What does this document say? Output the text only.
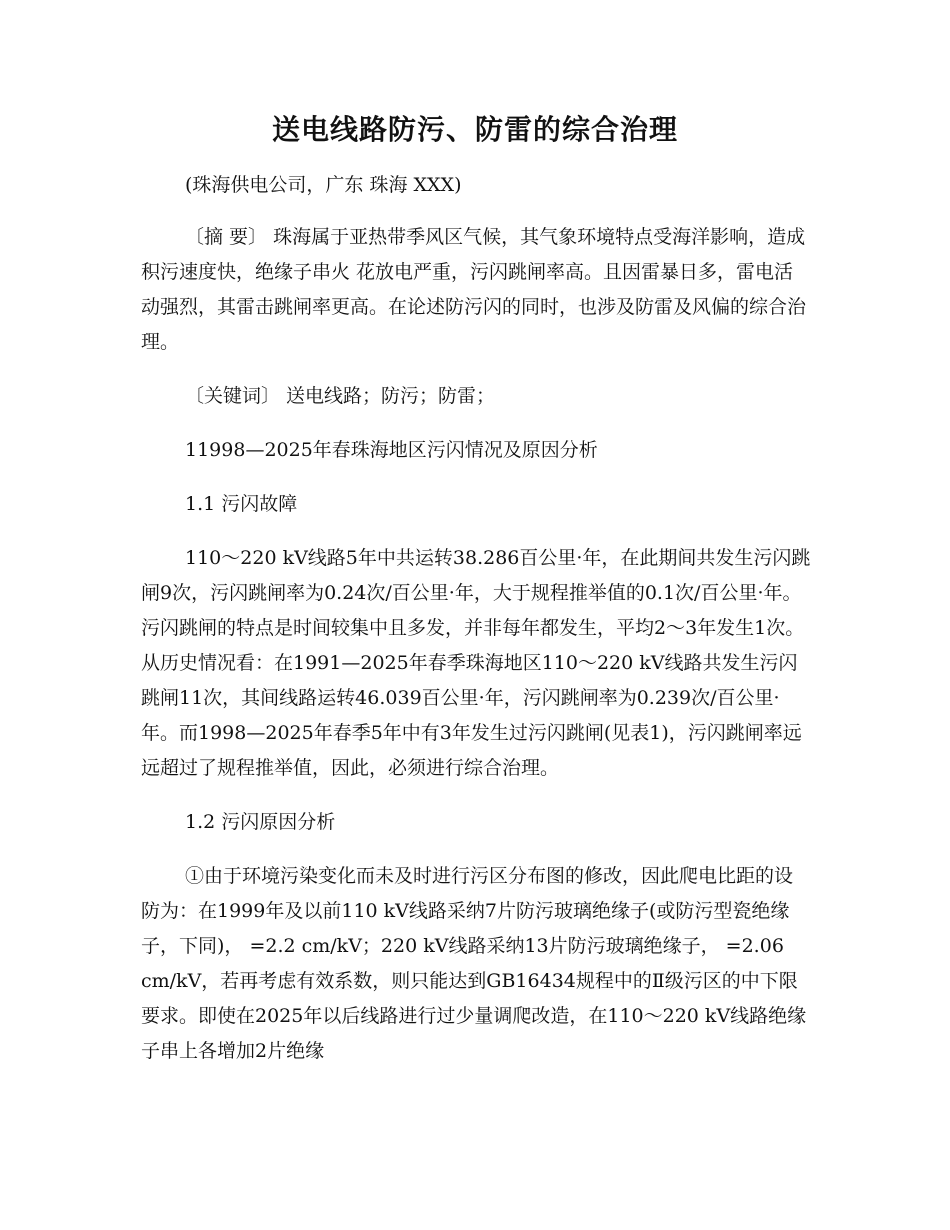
送电线路防污、防雷的综合治理

(珠海供电公司，广东 珠海 XXX)

〔摘 要〕 珠海属于亚热带季风区气候，其气象环境特点受海洋影响，造成积污速度快，绝缘子串火 花放电严重，污闪跳闸率高。且因雷暴日多，雷电活动强烈，其雷击跳闸率更高。在论述防污闪的同时，也涉及防雷及风偏的综合治理。

〔关键词〕 送电线路；防污；防雷；

11998—2025年春珠海地区污闪情况及原因分析

1.1 污闪故障

110～220 kV线路5年中共运转38.286百公里·年，在此期间共发生污闪跳闸9次，污闪跳闸率为0.24次/百公里·年，大于规程推举值的0.1次/百公里·年。污闪跳闸的特点是时间较集中且多发，并非每年都发生，平均2～3年发生1次。从历史情况看：在1991—2025年春季珠海地区110～220 kV线路共发生污闪跳闸11次，其间线路运转46.039百公里·年，污闪跳闸率为0.239次/百公里·年。而1998—2025年春季5年中有3年发生过污闪跳闸(见表1)，污闪跳闸率远远超过了规程推举值，因此，必须进行综合治理。

1.2 污闪原因分析

①由于环境污染变化而未及时进行污区分布图的修改，因此爬电比距的设防为：在1999年及以前110 kV线路采纳7片防污玻璃绝缘子(或防污型瓷绝缘子，下同)， =2.2 cm/kV；220 kV线路采纳13片防污玻璃绝缘子， =2.06 cm/kV，若再考虑有效系数，则只能达到GB16434规程中的Ⅱ级污区的中下限要求。即使在2025年以后线路进行过少量调爬改造，在110～220 kV线路绝缘子串上各增加2片绝缘
